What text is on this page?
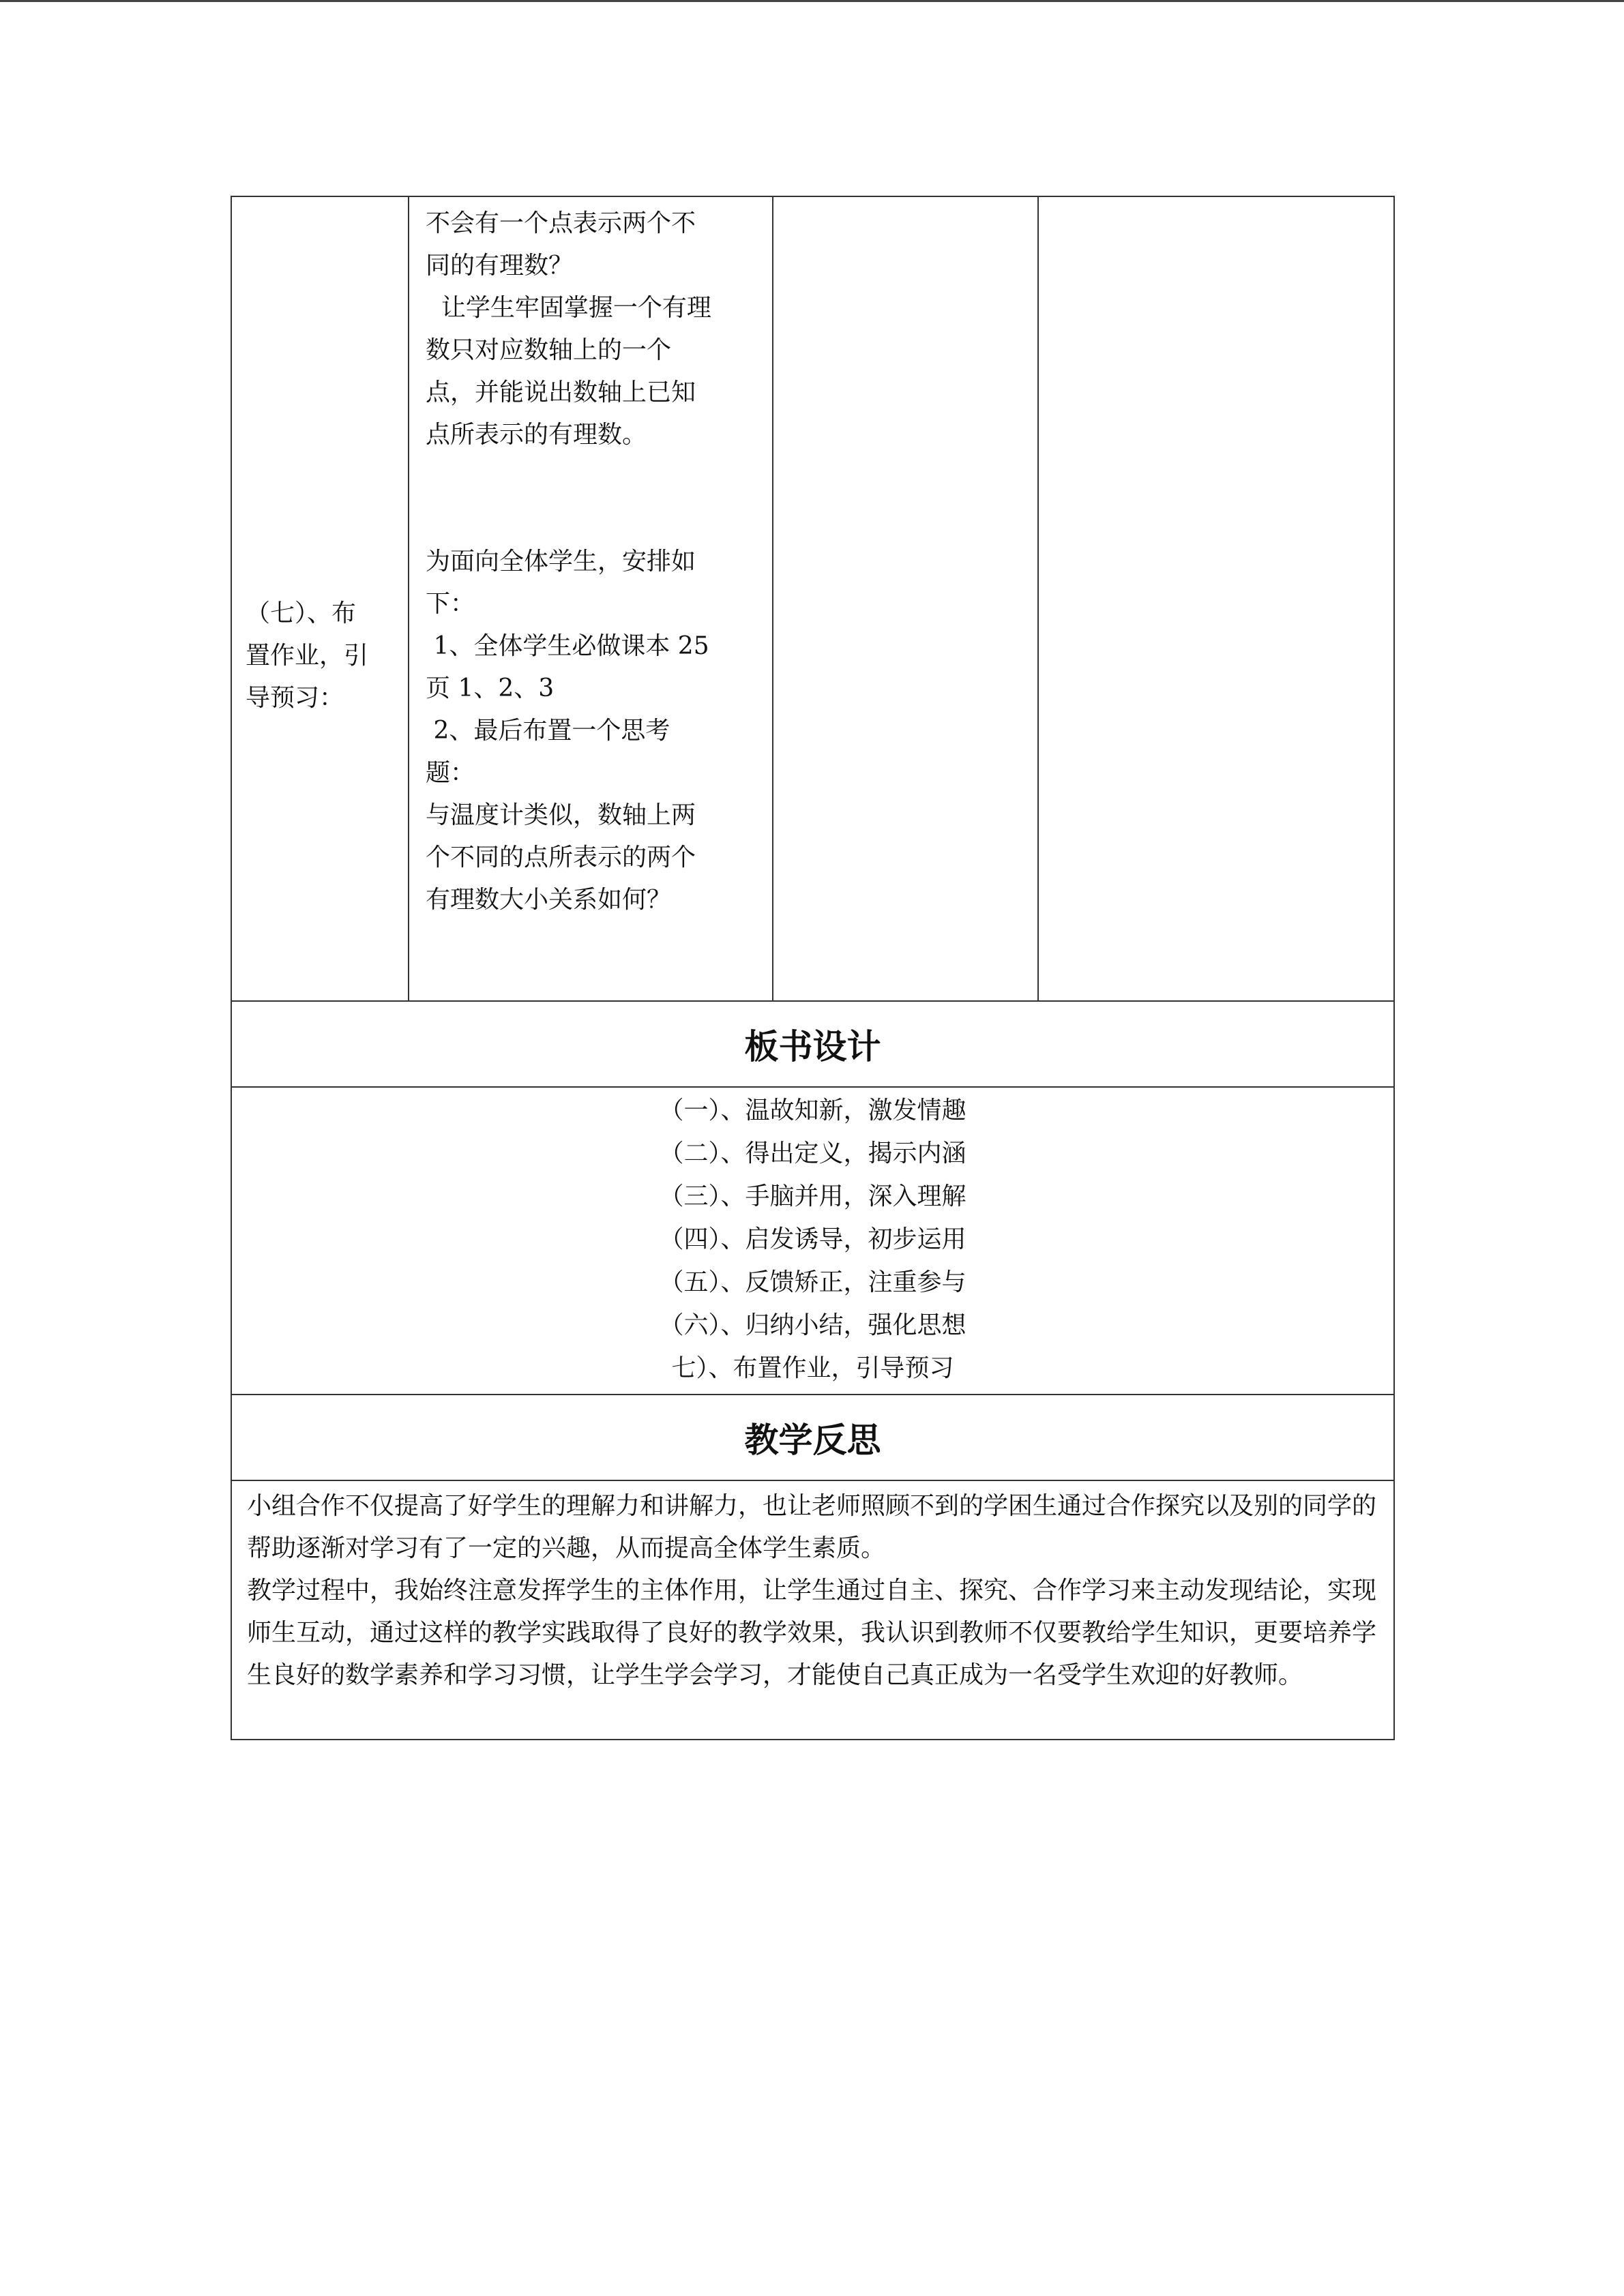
（七）、布
置作业，引
导预习：

不会有一个点表示两个不
同的有理数？
让学生牢固掌握一个有理
数只对应数轴上的一个
点，并能说出数轴上已知
点所表示的有理数。
为面向全体学生，安排如
下：
1、全体学生必做课本 25
页 1、2、3
2、最后布置一个思考
题：
与温度计类似，数轴上两
个不同的点所表示的两个
有理数大小关系如何？

板书设计

（一）、温故知新，激发情趣
（二）、得出定义，揭示内涵
（三）、手脑并用，深入理解
（四）、启发诱导，初步运用
（五）、反馈矫正，注重参与
（六）、归纳小结，强化思想
七）、布置作业，引导预习

教学反思

小组合作不仅提高了好学生的理解力和讲解力，也让老师照顾不到的学困生通过合作探究以及别的同学的帮助逐渐对学习有了一定的兴趣，从而提高全体学生素质。
教学过程中，我始终注意发挥学生的主体作用，让学生通过自主、探究、合作学习来主动发现结论，实现师生互动，通过这样的教学实践取得了良好的教学效果，我认识到教师不仅要教给学生知识，更要培养学生良好的数学素养和学习习惯，让学生学会学习，才能使自己真正成为一名受学生欢迎的好教师。
